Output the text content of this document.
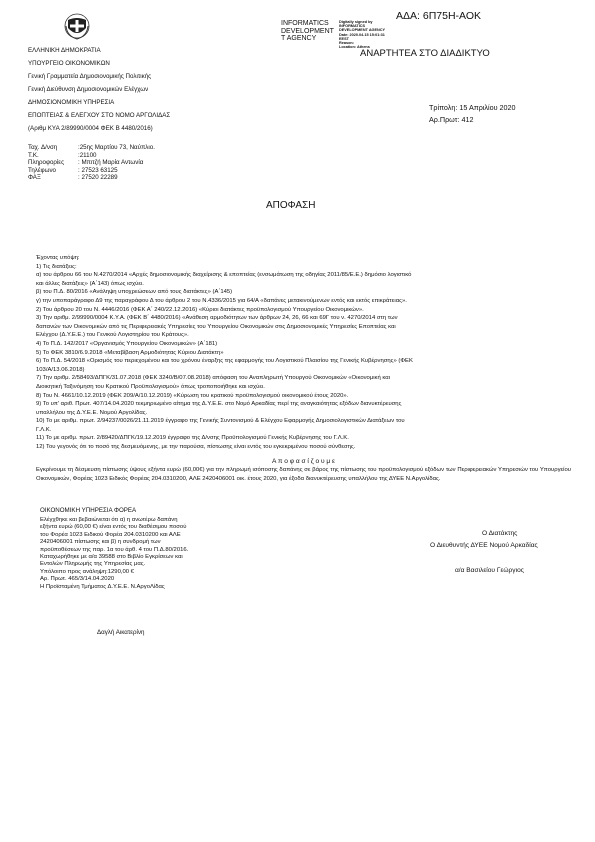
INFORMATICS
DEVELOPMENT
T AGENCY
Digitally signed by
INFORMATICS
DEVELOPMENT AGENCY
Date: 2020.04.15 15:01:31
EEST
Reason:
Location: Athens
ΑΔΑ: 6Π75Η-ΑΟΚ
ΑΝΑΡΤΗΤΕΑ ΣΤΟ ΔΙΑΔΙΚΤΥΟ
ΕΛΛΗΝΙΚΗ ΔΗΜΟΚΡΑΤΙΑ
ΥΠΟΥΡΓΕΙΟ ΟΙΚΟΝΟΜΙΚΩΝ
Γενική Γραμματεία Δημοσιονομικής Πολιτικής
Γενική Διεύθυνση Δημοσιονομικών Ελέγχων
ΔΗΜΟΣΙΟΝΟΜΙΚΗ ΥΠΗΡΕΣΙΑ
ΕΠΟΠΤΕΙΑΣ & ΕΛΕΓΧΟΥ ΣΤΟ ΝΟΜΟ ΑΡΓΟΛΙΔΑΣ
(Αριθμ ΚΥΑ 2/89990/0004 ΦΕΚ Β 4480/2016)
Τρίπολη: 15 Απριλίου 2020
Αρ.Πρωτ: 412
Ταχ. Δ/νση	:25ης Μαρτίου 73, Ναύπλιο.
Τ.Κ.	:21100
Πληροφορίες : Μπιτζή Μαρία Αντωνία
Τηλέφωνο	: 27523 63125
ΦΑΞ	: 27520 22289
ΑΠΟΦΑΣΗ

Έχοντας υπόψη:

1) Τις διατάξεις:

α) του άρθρου 66 του Ν.4270/2014 «Αρχές δημοσιονομικής διαχείρισης & εποπτείας (ενσωμάτωση της οδηγίας 2011/85/Ε.Ε.) δημόσιο λογιστικό

και άλλες διατάξεις» (Α΄143) όπως ισχύει.

β) του Π.Δ. 80/2016 «Ανάληψη υποχρεώσεων από τους διατάκτες» (Α΄145)

γ) την υποπαράγραφο Δ9 της παραγράφου Δ του άρθρου 2 του Ν.4336/2015 για 64/Α «δαπάνες μετακινούμενων εντός και εκτός επικράτειας».

2) Του άρθρου 20 του Ν. 4446/2016 (ΦΕΚ Α΄ 240/22.12.2016) «Κύριοι διατάκτες προϋπολογισμού Υπουργείου Οικονομικών».

3) Την αριθμ. 2/99990/0004 Κ.Υ.Α. (ΦΕΚ Β΄ 4480/2016) «Ανάθεση αρμοδιότητων των άρθρων 24, 26, 66 και 69Γ του ν. 4270/2014 στη των

δαπανών των Οικονομικών από τις Περιφερειακές Υπηρεσίες του Υπουργείου Οικονομικών στις Δημοσιονομικές Υπηρεσίες Εποπτείας και

Ελέγχου (Δ.Υ.Ε.Ε.) του Γενικού Λογιστηρίου του Κράτους».

4) Το Π.Δ. 142/2017 «Οργανισμός Υπουργείου Οικονομικών» (Α΄181)

5) Το ΦΕΚ 3810/6.9.2018 «Μεταβίβαση Αρμοδιότητας Κύριου Διατάκτη»

6) Το Π.Δ. 54/2018 «Ορισμός του περιεχομένου και του χρόνου έναρξης της εφαρμογής του Λογιστικού Πλαισίου της Γενικής Κυβέρνησης» (ΦΕΚ

103/Α/13.06.2018)

7) Την αριθμ. 2/58493/ΔΠΓΚ/31.07.2018 (ΦΕΚ 3240/Β/07.08.2018) απόφαση του Αναπληρωτή Υπουργού Οικονομικών «Οικονομική και

Διοικητική Ταξινόμηση του Κρατικού Προϋπολογισμού» όπως τροποποιήθηκε και ισχύει.

8) Του Ν. 4661/10.12.2019 (ΦΕΚ 209/Α/10.12.2019) «Κύρωση του κρατικού προϋπολογισμού οικονομικού έτους 2020».

9) Το υπ' αριθ. Πρωτ. 407/14.04.2020 τεκμηριωμένο αίτημα της Δ.Υ.Ε.Ε. στο Νομό Αρκαδίας περί της αναγκαιότητας εξόδων διανυκτέρευσης

υπαλλήλου της Δ.Υ.Ε.Ε. Νομού Αργολίδας.

10) Το με αριθμ. πρωτ. 2/94237/0026/21.11.2019 έγγραφο της Γενικής Συντονισμού & Ελέγχου Εφαρμογής Δημοσιολογιστικών Διατάξεων του

Γ.Λ.Κ.

11) Το με αριθμ. πρωτ. 2/89420/ΔΠΓΚ/19.12.2019 έγγραφο της Δ/νσης Προϋπολογισμού Γενικής Κυβέρνησης του Γ.Λ.Κ.

12) Του γεγονός ότι το ποσό της δεσμευόμενης, με την παρούσα, πίστωσης είναι εντός του εγκεκριμένου ποσού σύνθεσης.

Α π ο φ α σ ί ζ ο υ μ ε

Εγκρίνουμε τη δέσμευση πίστωσης ύψους εξήντα ευρώ (60,00€) για την πληρωμή ισόποσης δαπάνης σε βάρος της πίστωσης του προϋπολογισμού εξόδων των Περιφερειακών Υπηρεσιών του Υπουργείου Οικονομικών, Φορέας 1023 Ειδικός Φορέας 204.0310200, ΑΛΕ 2420406001 οικ. έτους 2020, για έξοδα διανυκτέρευσης υπαλλήλου της ΔΥΕΕ Ν.Αργολίδας.

ΟΙΚΟΝΟΜΙΚΗ ΥΠΗΡΕΣΙΑ ΦΟΡΕΑ

Ελέγχθηκε και βεβαιώνεται ότι α) η ανωτέρω δαπάνη

εξήντα ευρώ (60,00 €) είναι εντός του διαθέσιμου ποσού

του Φορέα 1023 Ειδικού Φορέα 204.0310200 και ΑΛΕ

2420406001 πίστωσης και β) η συνδρομή των

προϋποθέσεων της παρ. 1α του άρθ. 4 του Π.Δ.80/2016.

Καταχωρήθηκε με α/α 39588 στο Βιβλίο Εγκρίσεων και

Εντολών Πληρωμής της Υπηρεσίας μας.

Υπόλοιπο προς ανάληψη:1290,00 €

Αρ. Πρωτ. 465/3/14.04.2020

Η Προϊσταμένη Τμήματος Δ.Υ.Ε.Ε. Ν.ΑργοΛίδας

Δαγλή Αικατερίνη
Ο Διατάκτης
Ο Διευθυντής ΔΥΕΕ Νομού Αρκαδίας
α/α Βασιλείου Γεώργιος
